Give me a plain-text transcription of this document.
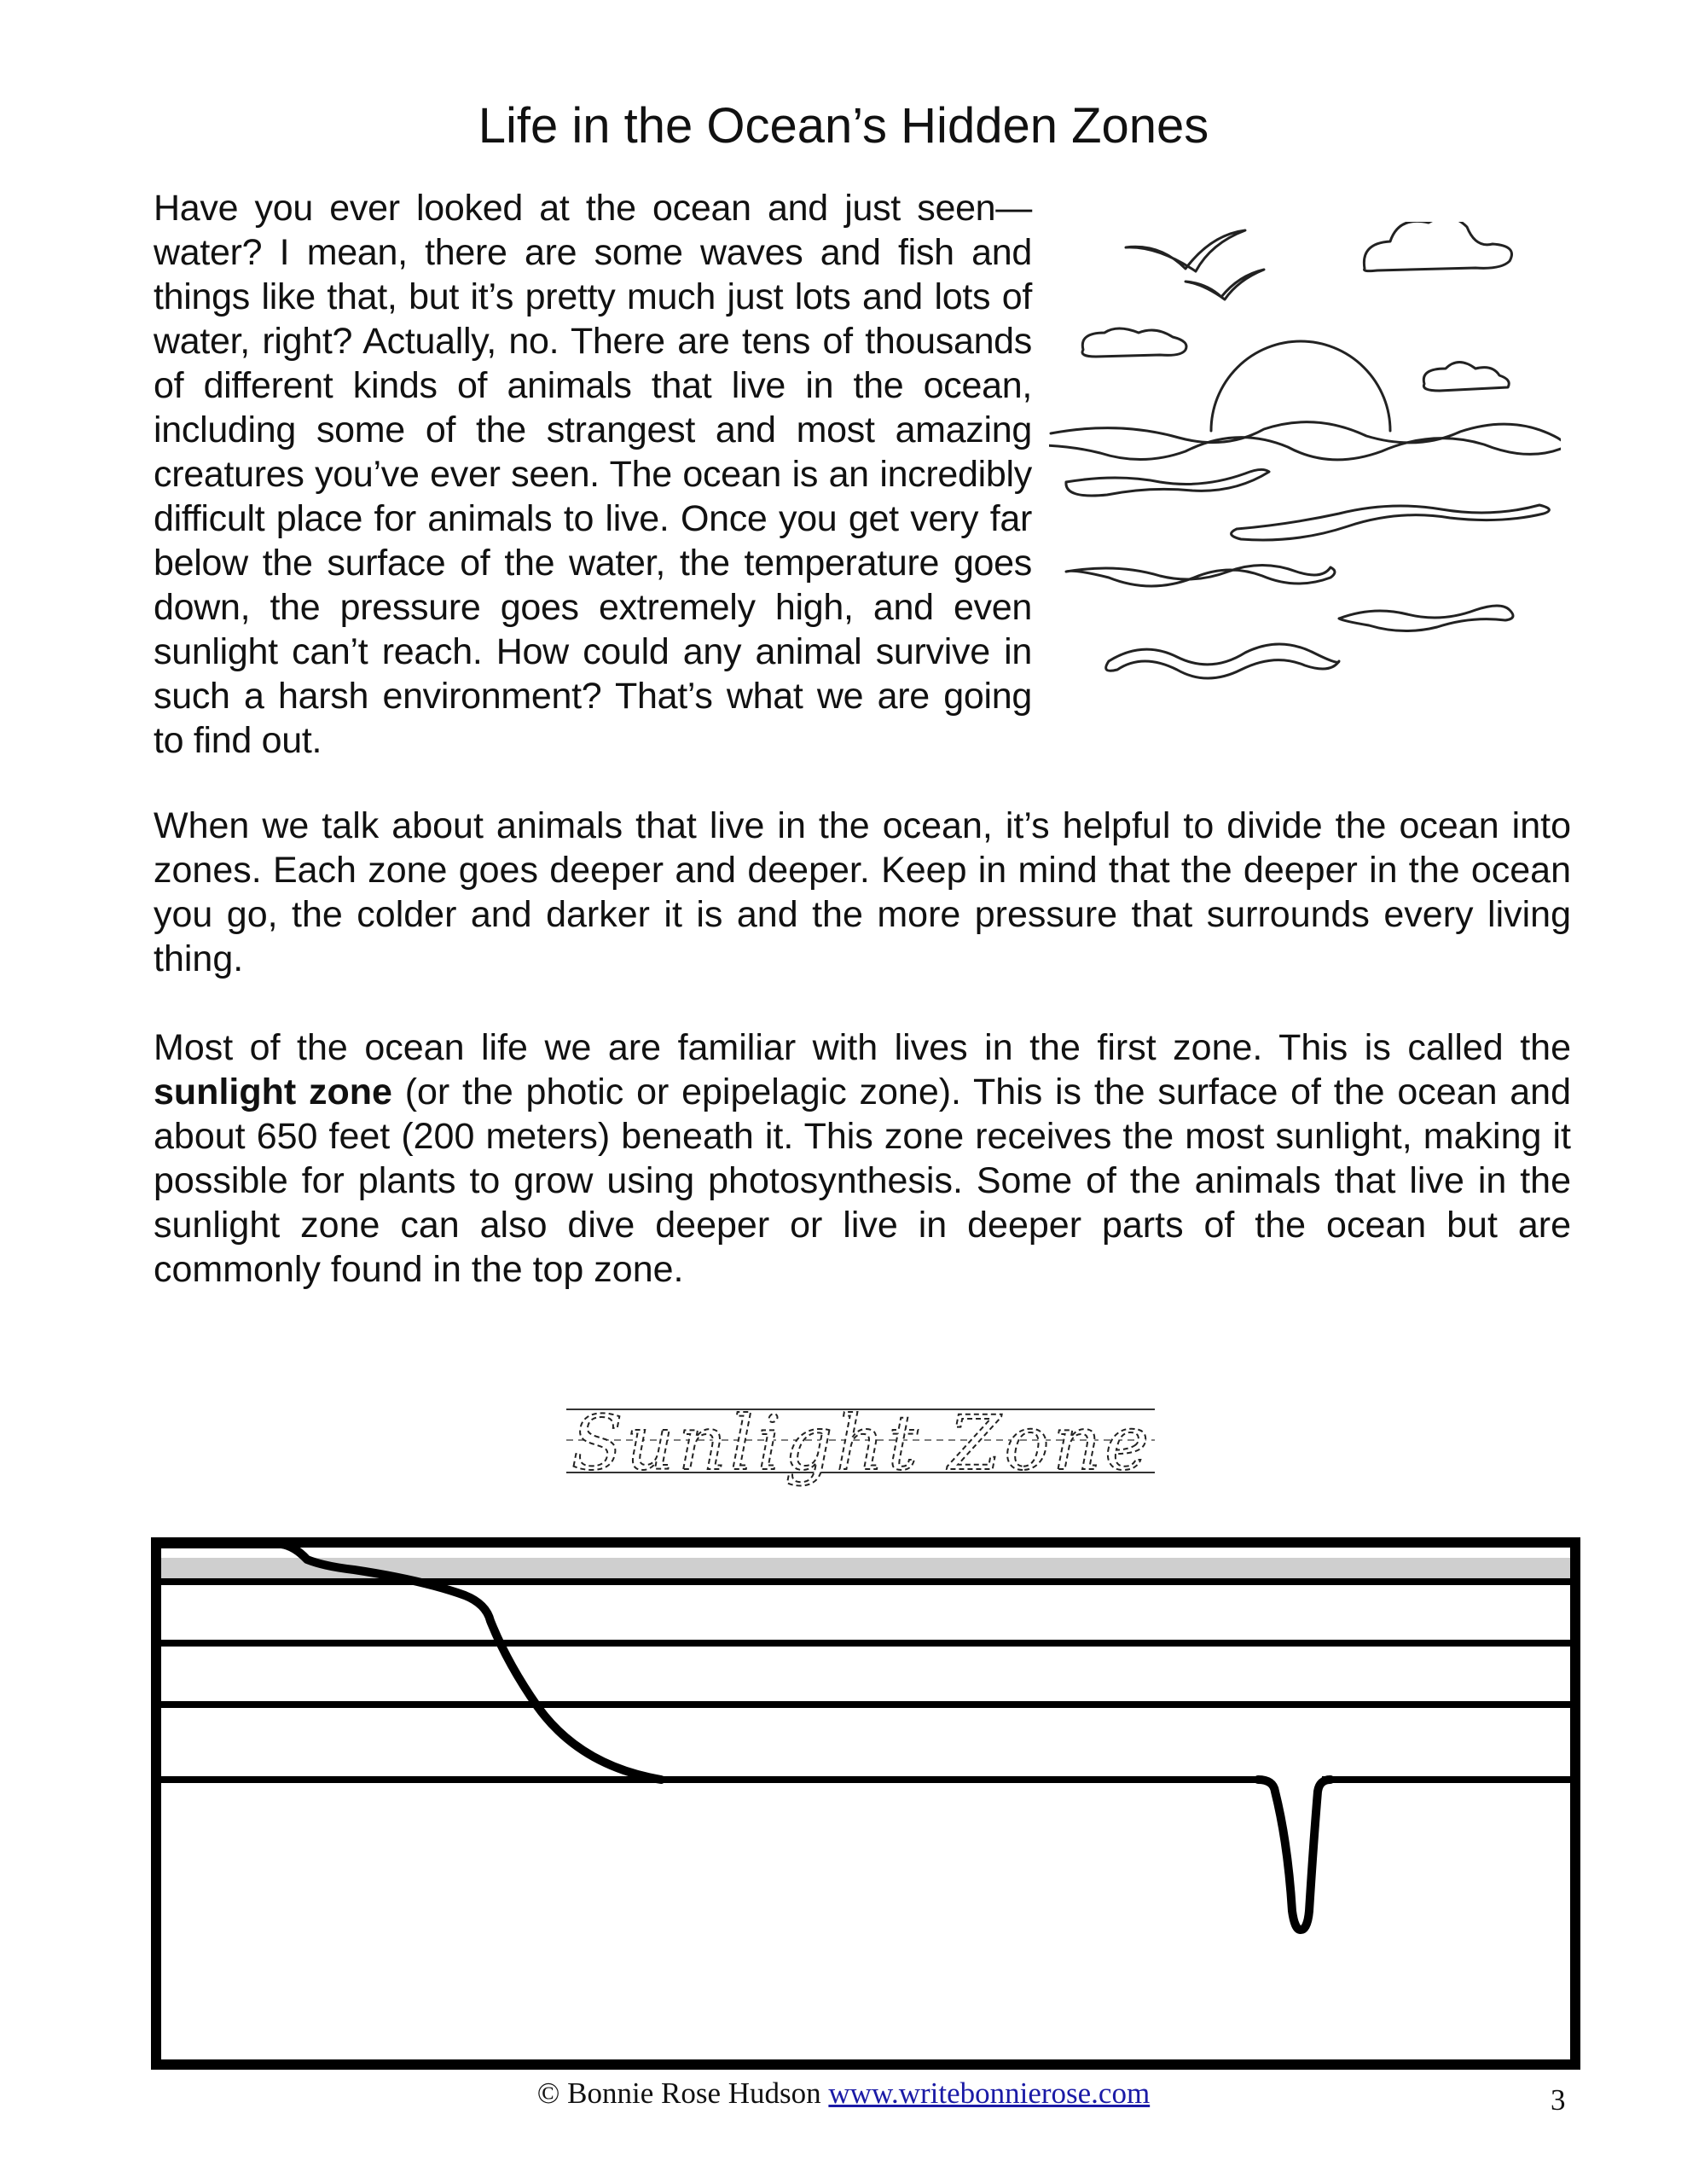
Life in the Ocean’s Hidden Zones

Have you ever looked at the ocean and just seen—water? I mean, there are some waves and fish and things like that, but it’s pretty much just lots and lots of water, right? Actually, no. There are tens of thousands of different kinds of animals that live in the ocean, including some of the strangest and most amazing creatures you’ve ever seen. The ocean is an incredibly difficult place for animals to live. Once you get very far below the surface of the water, the temperature goes down, the pressure goes extremely high, and even sunlight can’t reach. How could any animal survive in such a harsh environment? That’s what we are going to find out.

When we talk about animals that live in the ocean, it’s helpful to divide the ocean into zones. Each zone goes deeper and deeper. Keep in mind that the deeper in the ocean you go, the colder and darker it is and the more pressure that surrounds every living thing.

Most of the ocean life we are familiar with lives in the first zone. This is called the sunlight zone (or the photic or epipelagic zone). This is the surface of the ocean and about 650 feet (200 meters) beneath it. This zone receives the most sunlight, making it possible for plants to grow using photosynthesis. Some of the animals that live in the sunlight zone can also dive deeper or live in deeper parts of the ocean but are commonly found in the top zone.

Sunlight Zone
© Bonnie Rose Hudson www.writebonnierose.com	3
